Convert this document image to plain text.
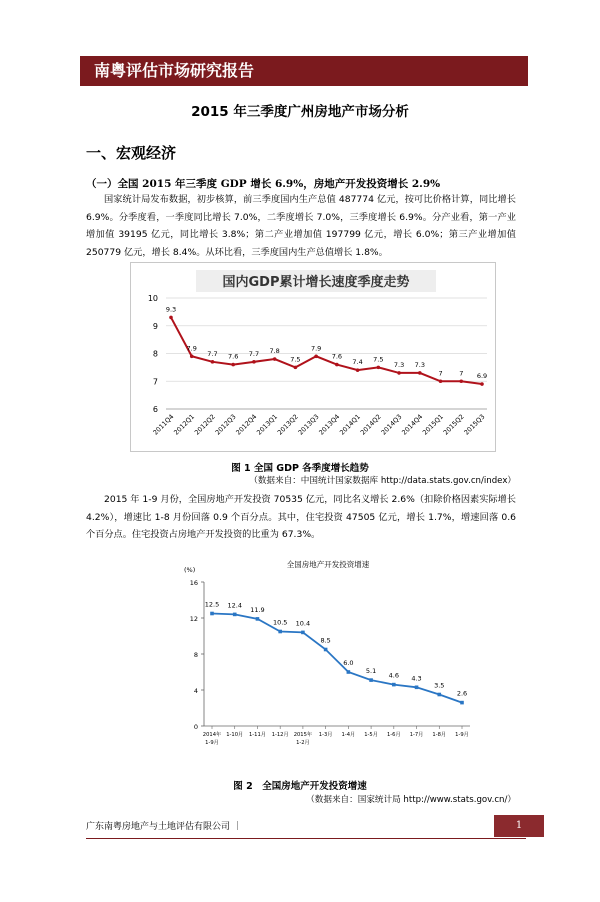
南粤评估市场研究报告
2015 年三季度广州房地产市场分析
一、宏观经济
（一）全国 2015 年三季度 GDP 增长 6.9%，房地产开发投资增长 2.9%

国家统计局发布数据，初步核算，前三季度国内生产总值 487774 亿元，按可比价格计算，同比增长 6.9%。分季度看，一季度同比增长 7.0%，二季度增长 7.0%，三季度增长 6.9%。分产业看，第一产业增加值 39195 亿元，同比增长 3.8%；第二产业增加值 197799 亿元，增长 6.0%；第三产业增加值 250779 亿元，增长 8.4%。从环比看，三季度国内生产总值增长 1.8%。

国内GDP累计增长速度季度走势
6
7
8
9
10
9.3
7.9
7.7 7.6 7.7 7.8
7.5
7.9
7.6
7.4 7.5
7.3 7.3
7	7 6.9
2011Q4
2012Q1
2012Q2
2012Q3
2012Q4
2013Q1
2013Q2
2013Q3
2013Q4
2014Q1
2014Q2
2014Q3
2014Q4
2015Q1
2015Q2
2015Q3
图 1 全国 GDP 各季度增长趋势
（数据来自：中国统计国家数据库 http://data.stats.gov.cn/index）

2015 年 1-9 月份，全国房地产开发投资 70535 亿元，同比名义增长 2.6%（扣除价格因素实际增长 4.2%），增速比 1-8 月份回落 0.9 个百分点。其中，住宅投资 47505 亿元，增长 1.7%，增速回落 0.6 个百分点。住宅投资占房地产开发投资的比重为 67.3%。

全国房地产开发投资增速
(%)
0
4
8
12
16
12.5 12.4
11.9
10.5 10.4
8.5
6.0
5.1
4.6 4.3
3.5
2.6
2014年
1-9月
1-10月 1-11月 1-12月 2015年
1-2月
1-3月 1-4月 1-5月 1-6月 1-7月 1-8月 1-9月
图 2　全国房地产开发投资增速
（数据来自：国家统计局 http://www.stats.gov.cn/）
广东南粤房地产与土地评估有限公司 ｜	1
